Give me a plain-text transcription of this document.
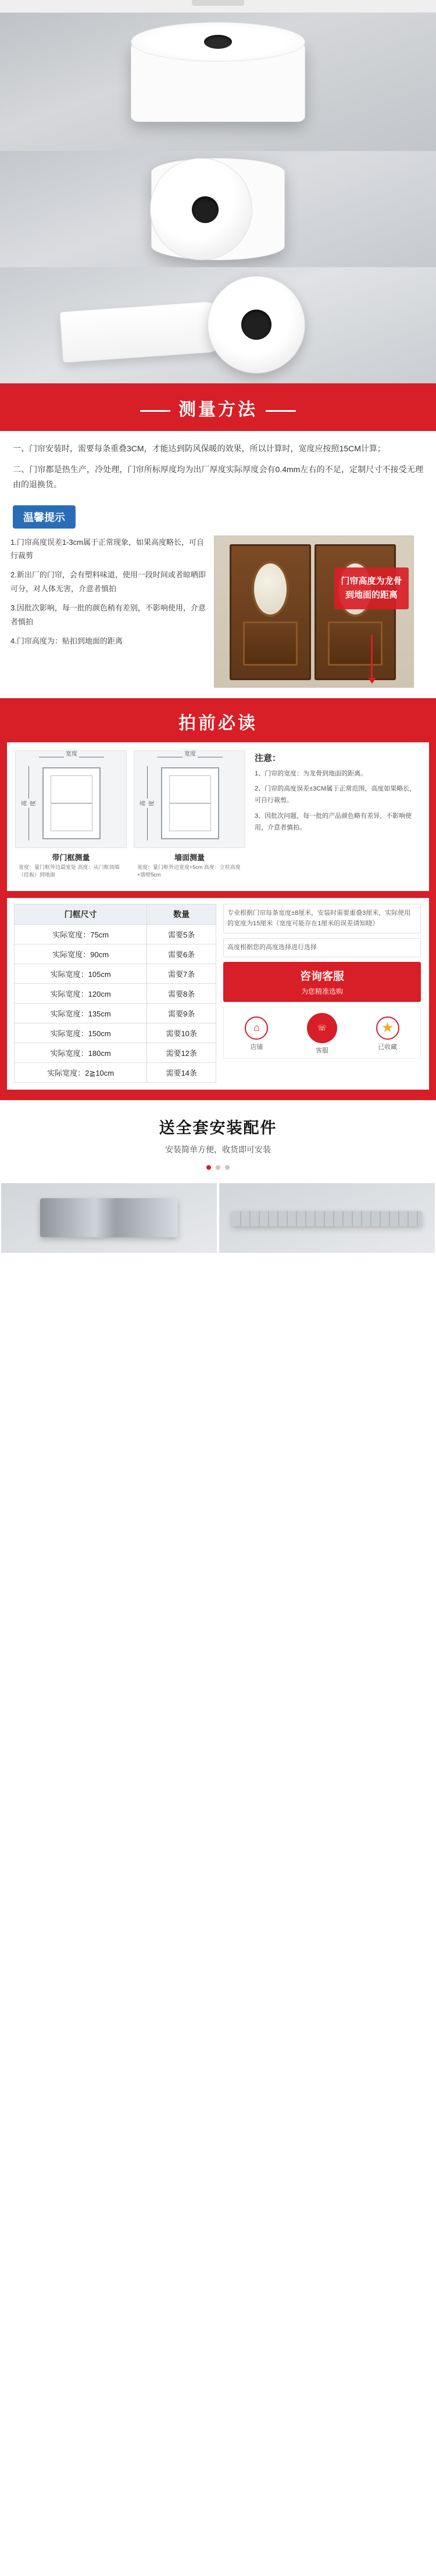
测量方法

一、门帘安装时，需要每条重叠3CM，才能达到防风保暖的效果，所以计算时，宽度应按照15CM计算；

二、门帘都是热生产，冷处理，门帘所标厚度均为出厂厚度实际厚度会有0.4mm左右的不足，定制尺寸不接受无理由的退换货。

温馨提示

1.门帘高度误差1-3cm属于正常现象，如果高度略长，可自行裁剪

2.新出厂的门帘，会有塑料味道，使用一段时间或者晾晒即可分，对人体无害，介意者慎拍

3.因批次影响，每一批的颜色稍有差别，不影响使用，介意者慎拍

4.门帘高度为：贴扣到地面的距离

门帘高度为龙骨到地面的距离
拍前必读
宽度
高度
带门框测量
宽度：量门框外边最宽处 高度：从门框顶端（挂板）到地面
宽度
高度
墙面测量
宽度：量门框外边宽度+5cm 高度：立柱高度+墙壁5cm
注意：

1、门帘的宽度：为龙骨到地面的距离。

2、门帘的高度误差±3CM属于正常范围，高度如果略长，可自行裁剪。

3、因批次问题，每一批的产品颜色略有差异，不影响使用，介意者慎拍。

门框尺寸	数量
实际宽度：75cm	需要5条
实际宽度：90cm	需要6条
实际宽度：105cm	需要7条
实际宽度：120cm	需要8条
实际宽度：135cm	需要9条
实际宽度：150cm	需要10条
实际宽度：180cm	需要12条
实际宽度：2≧10cm	需要14条
专业根据门帘每条宽度±8厘米，安装时需要重叠3厘米，实际使用的宽度为15厘米（宽度可能存在1厘米的误差请知晓）
高度根据您的高度选择进行选择
咨询客服
为您精准选购
⌂
店铺
☏
客服
★
已收藏
送全套安装配件

安装简单方便，收货即可安装
